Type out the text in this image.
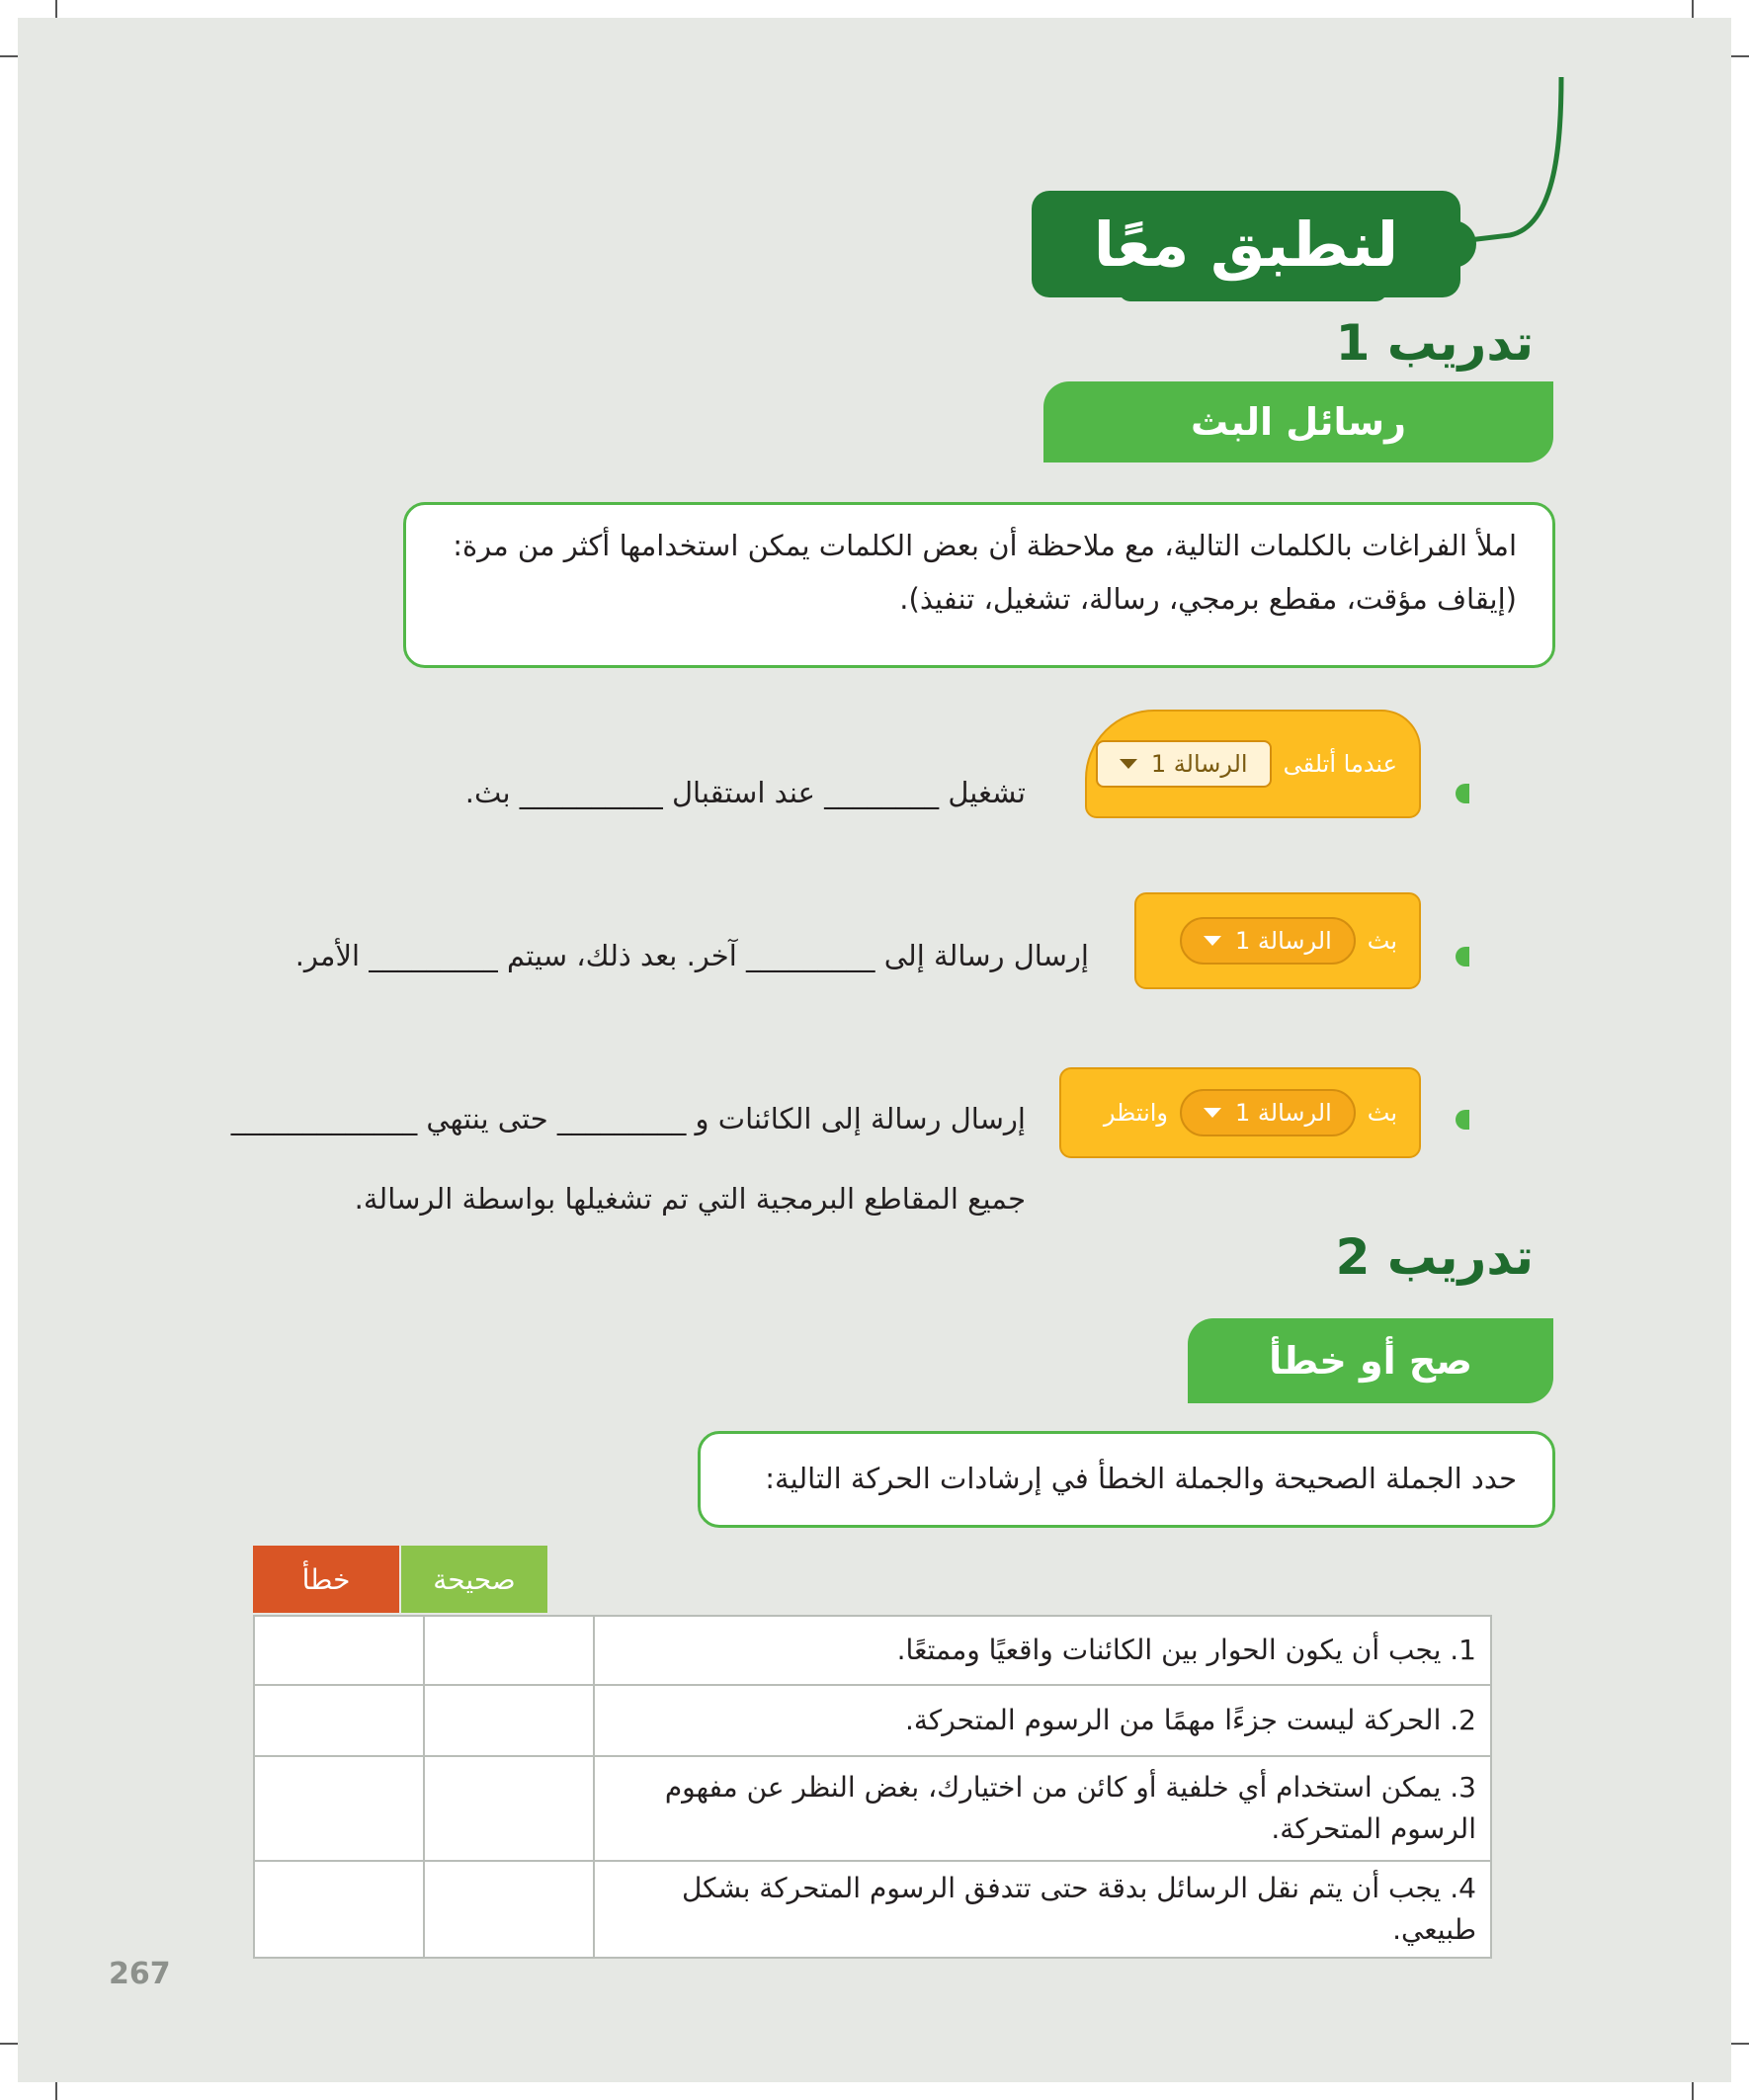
لنطبق معًا
تدريب 1
رسائل البث
املأ الفراغات بالكلمات التالية، مع ملاحظة أن بعض الكلمات يمكن استخدامها أكثر من مرة:
(إيقاف مؤقت، مقطع برمجي، رسالة، تشغيل، تنفيذ).
عندما أتلقى
الرسالة 1
تشغيل ________ عند استقبال __________ بث.
بث
الرسالة 1
إرسال رسالة إلى _________ آخر. بعد ذلك، سيتم _________ الأمر.
بث
الرسالة 1
وانتظر
إرسال رسالة إلى الكائنات و _________ حتى ينتهي _____________
جميع المقاطع البرمجية التي تم تشغيلها بواسطة الرسالة.
تدريب 2
صح أو خطأ
حدد الجملة الصحيحة والجملة الخطأ في إرشادات الحركة التالية:
خطأ	صحيحة
1. يجب أن يكون الحوار بين الكائنات واقعيًا وممتعًا.		
2. الحركة ليست جزءًا مهمًا من الرسوم المتحركة.		
3. يمكن استخدام أي خلفية أو كائن من اختيارك، بغض النظر عن مفهوم الرسوم المتحركة.		
4. يجب أن يتم نقل الرسائل بدقة حتى تتدفق الرسوم المتحركة بشكل طبيعي.		
267
